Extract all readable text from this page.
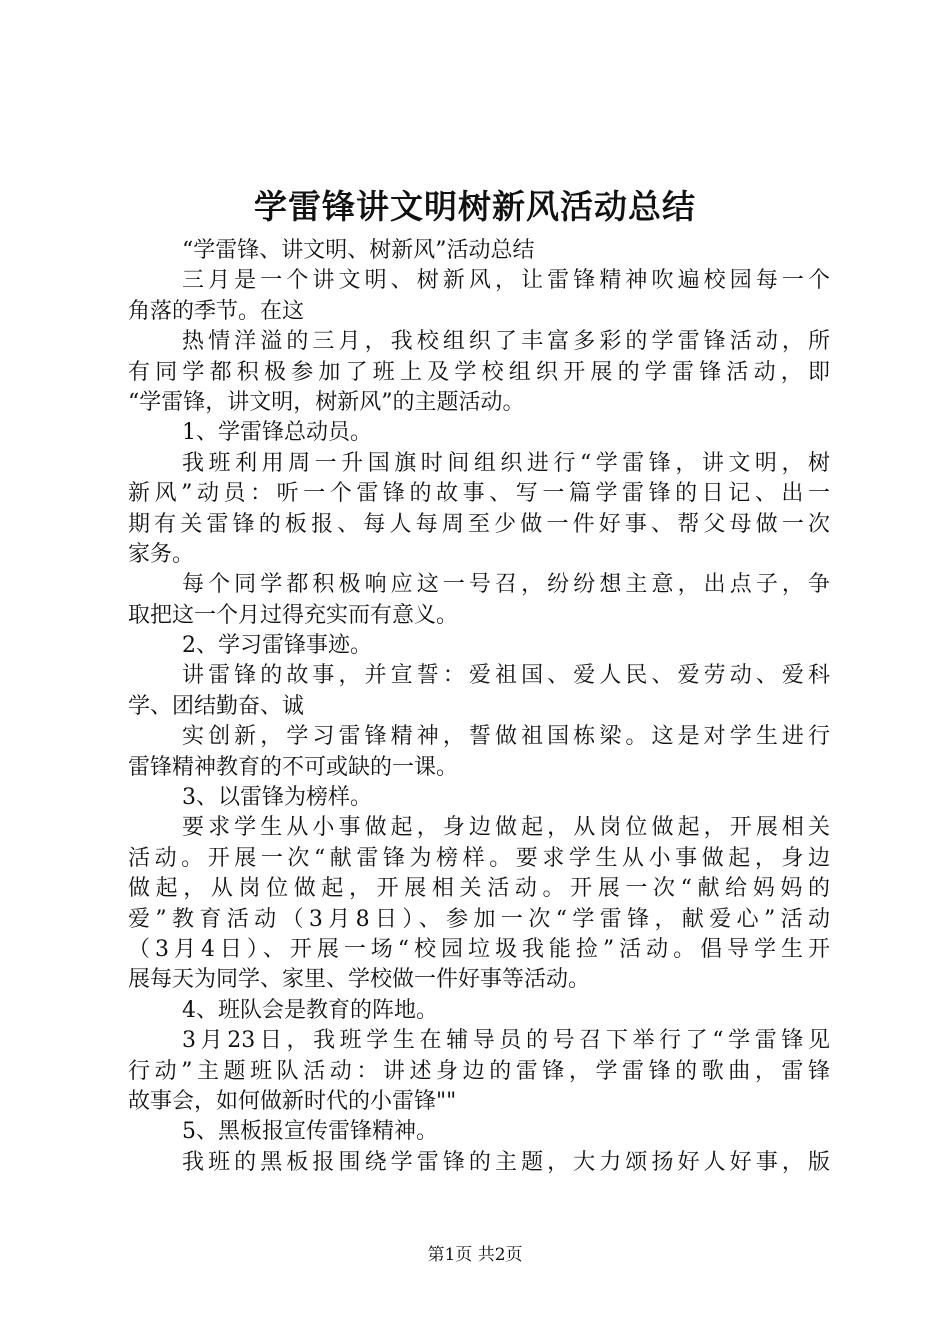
学雷锋讲文明树新风活动总结
“学雷锋、讲文明、树新风”活动总结
三月是一个讲文明、树新风，让雷锋精神吹遍校园每一个
角落的季节。在这
热情洋溢的三月，我校组织了丰富多彩的学雷锋活动，所
有同学都积极参加了班上及学校组织开展的学雷锋活动，即
“学雷锋，讲文明，树新风”的主题活动。
1、学雷锋总动员。
我班利用周一升国旗时间组织进行“学雷锋，讲文明，树
新风”动员：听一个雷锋的故事、写一篇学雷锋的日记、出一
期有关雷锋的板报、每人每周至少做一件好事、帮父母做一次
家务。
每个同学都积极响应这一号召，纷纷想主意，出点子，争
取把这一个月过得充实而有意义。
2、学习雷锋事迹。
讲雷锋的故事，并宣誓：爱祖国、爱人民、爱劳动、爱科
学、团结勤奋、诚
实创新，学习雷锋精神，誓做祖国栋梁。这是对学生进行
雷锋精神教育的不可或缺的一课。
3、以雷锋为榜样。
要求学生从小事做起，身边做起，从岗位做起，开展相关
活动。开展一次“献雷锋为榜样。要求学生从小事做起，身边
做起，从岗位做起，开展相关活动。开展一次“献给妈妈的
爱”教育活动（3月8日）、参加一次“学雷锋，献爱心”活动
（3月4日）、开展一场“校园垃圾我能捡”活动。倡导学生开
展每天为同学、家里、学校做一件好事等活动。
4、班队会是教育的阵地。
3月23日，我班学生在辅导员的号召下举行了“学雷锋见
行动”主题班队活动：讲述身边的雷锋，学雷锋的歌曲，雷锋
故事会，如何做新时代的小雷锋""
5、黑板报宣传雷锋精神。
我班的黑板报围绕学雷锋的主题，大力颂扬好人好事，版
第1页 共2页
